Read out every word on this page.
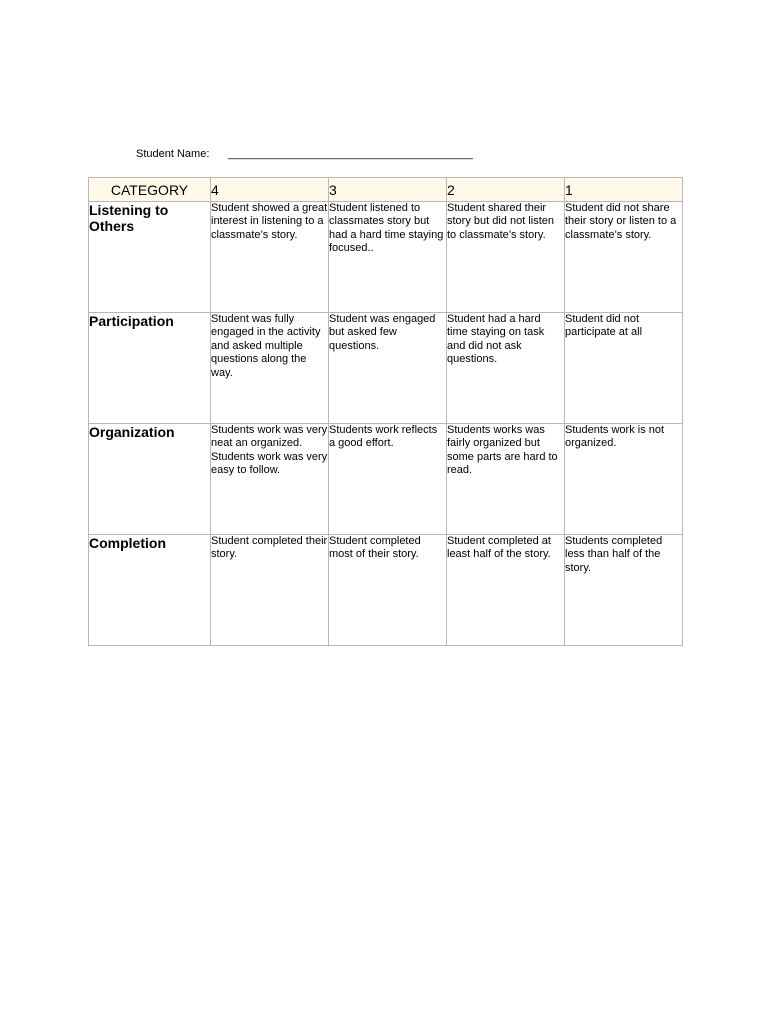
Student Name: ________________________________________
CATEGORY	4	3	2	1
Listening to Others	Student showed a great interest in listening to a classmate’s story.	Student listened to classmates story but had a hard time staying focused..	Student shared their story but did not listen to classmate’s story.	Student did not share their story or listen to a classmate’s story.
Participation	Student was fully engaged in the activity and asked multiple questions along the way.	Student was engaged but asked few questions.	Student had a hard time staying on task and did not ask questions.	Student did not participate at all
Organization	Students work was very neat an organized. Students work was very easy to follow.	Students work reflects a good effort.	Students works was fairly organized but some parts are hard to read.	Students work is not organized.
Completion	Student completed their story.	Student completed most of their story.	Student completed at least half of the story.	Students completed less than half of the story.
